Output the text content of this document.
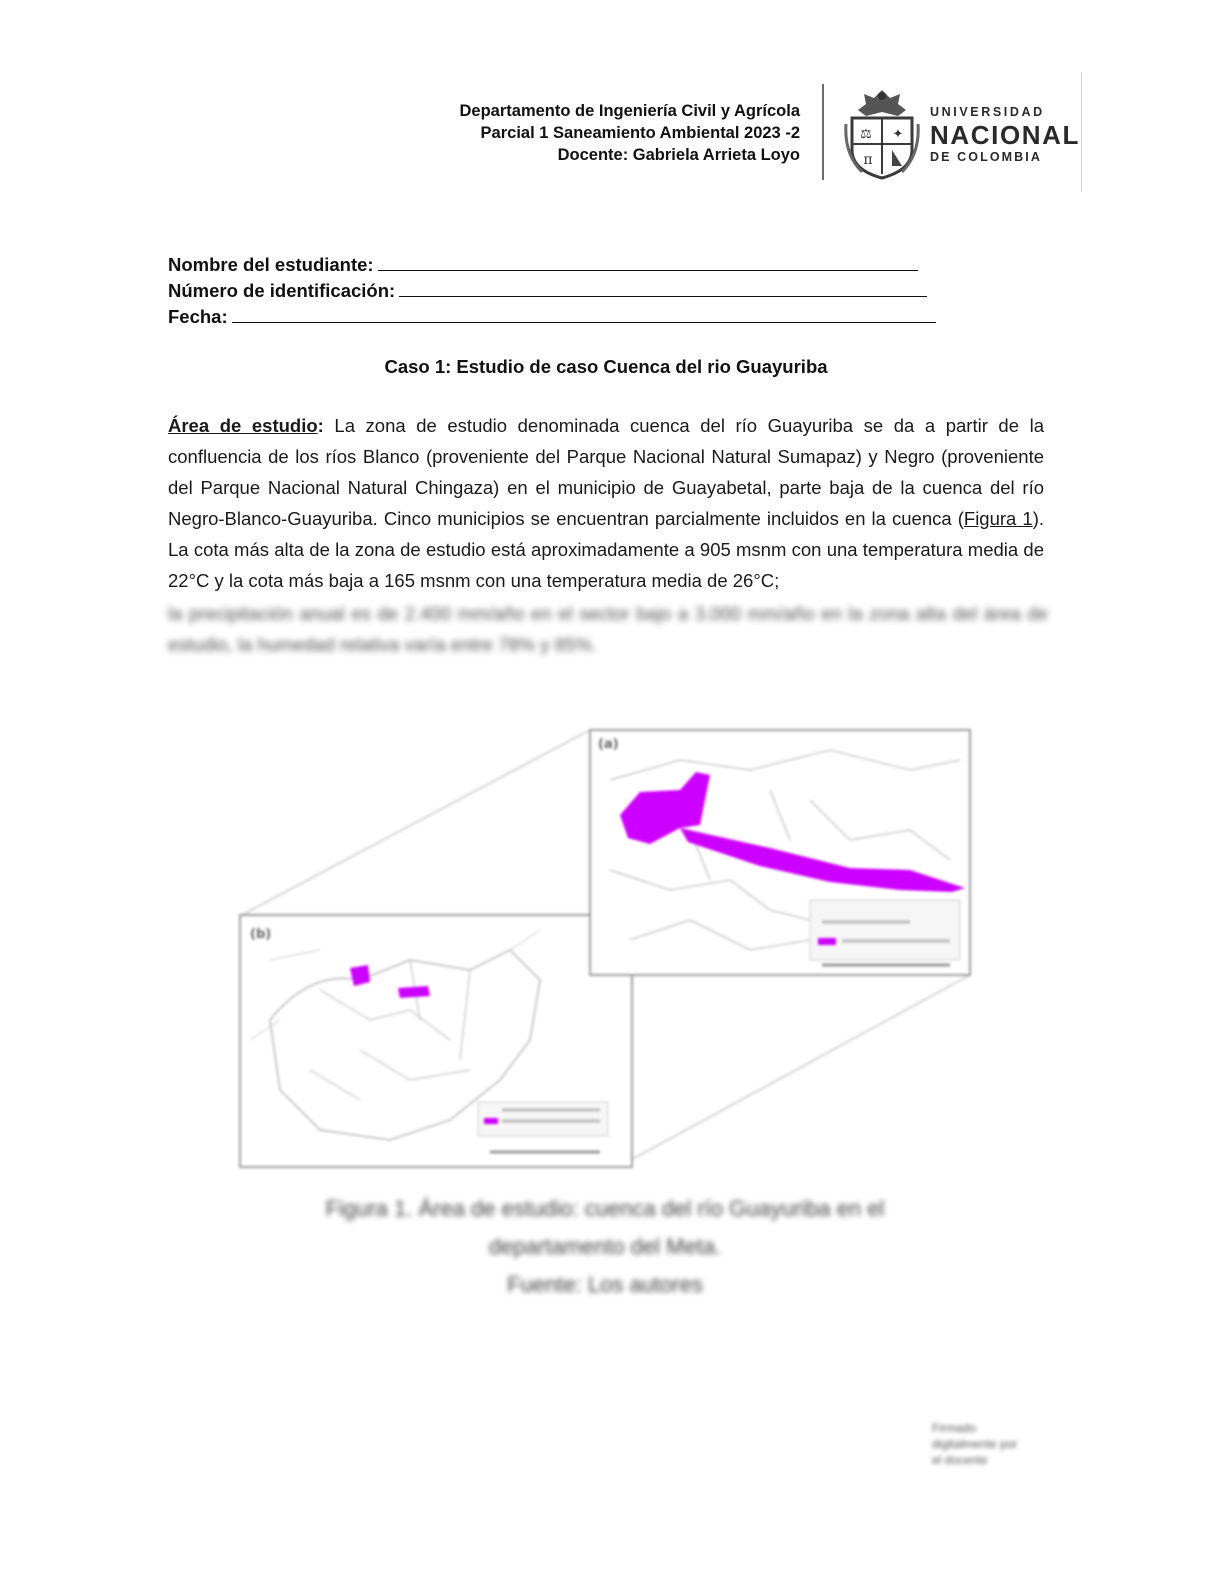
Departamento de Ingeniería Civil y Agrícola
Parcial 1 Saneamiento Ambiental 2023 -2
Docente: Gabriela Arrieta Loyo
⚖ ✦
π
UNIVERSIDAD
NACIONAL
DE COLOMBIA
Nombre del estudiante:
Número de identificación:
Fecha:
Caso 1: Estudio de caso Cuenca del rio Guayuriba

Área de estudio: La zona de estudio denominada cuenca del río Guayuriba se da a partir de la confluencia de los ríos Blanco (proveniente del Parque Nacional Natural Sumapaz) y Negro (proveniente del Parque Nacional Natural Chingaza) en el municipio de Guayabetal, parte baja de la cuenca del río Negro-Blanco-Guayuriba. Cinco municipios se encuentran parcialmente incluidos en la cuenca (Figura 1). La cota más alta de la zona de estudio está aproximadamente a 905 msnm con una temperatura media de 22°C y la cota más baja a 165 msnm con una temperatura media de 26°C;

la precipitación anual es de 2.400 mm/año en el sector bajo a 3.000 mm/año en la zona alta del área de estudio, la humedad relativa varía entre 78% y 85%.

(b)
(a)
Figura 1. Área de estudio: cuenca del río Guayuriba en el
departamento del Meta.
Fuente: Los autores
Firmado
digitalmente por
el docente
